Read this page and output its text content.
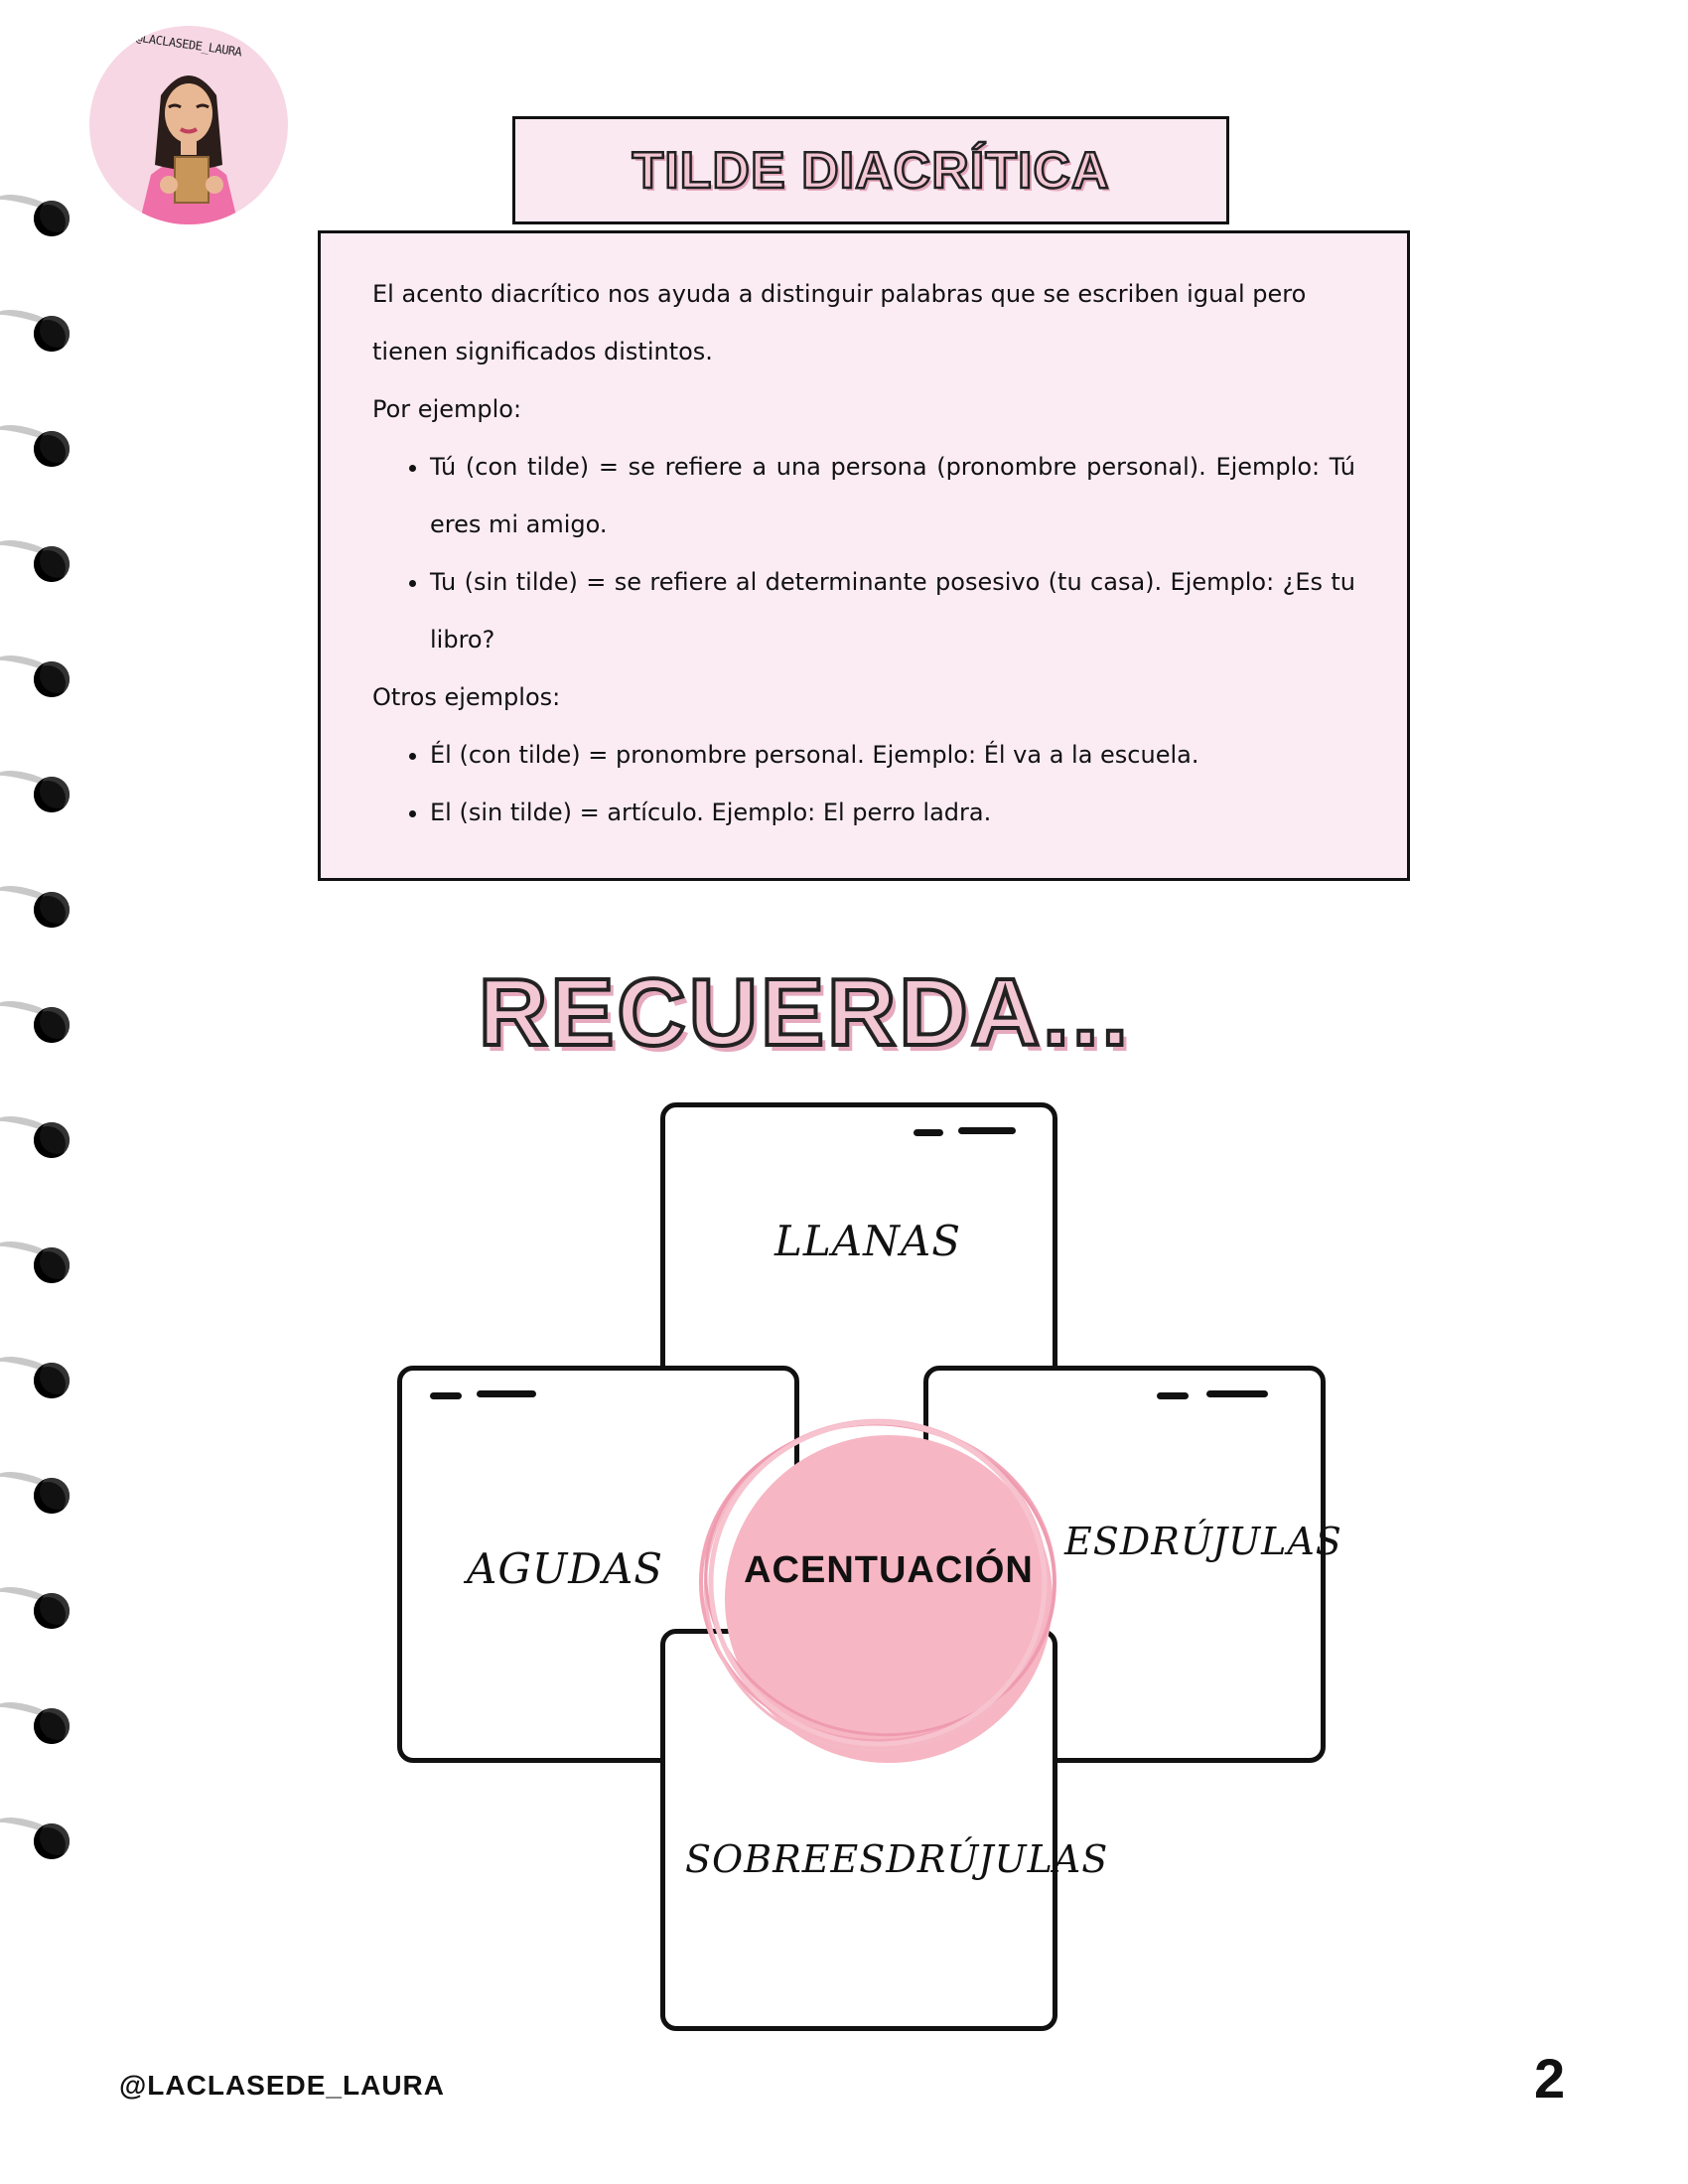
@LACLASEDE_LAURA
TILDE DIACRÍTICA

El acento diacrítico nos ayuda a distinguir palabras que se escriben igual pero tienen significados distintos.

Por ejemplo:

• Tú (con tilde) = se refiere a una persona (pronombre personal). Ejemplo: Tú eres mi amigo.
• Tu (sin tilde) = se refiere al determinante posesivo (tu casa). Ejemplo: ¿Es tu libro?

Otros ejemplos:

• Él (con tilde) = pronombre personal. Ejemplo: Él va a la escuela.
• El (sin tilde) = artículo. Ejemplo: El perro ladra.
RECUERDA...
LLANAS
AGUDAS
ESDRÚJULAS
SOBREESDRÚJULAS
ACENTUACIÓN
@LACLASEDE_LAURA	2
